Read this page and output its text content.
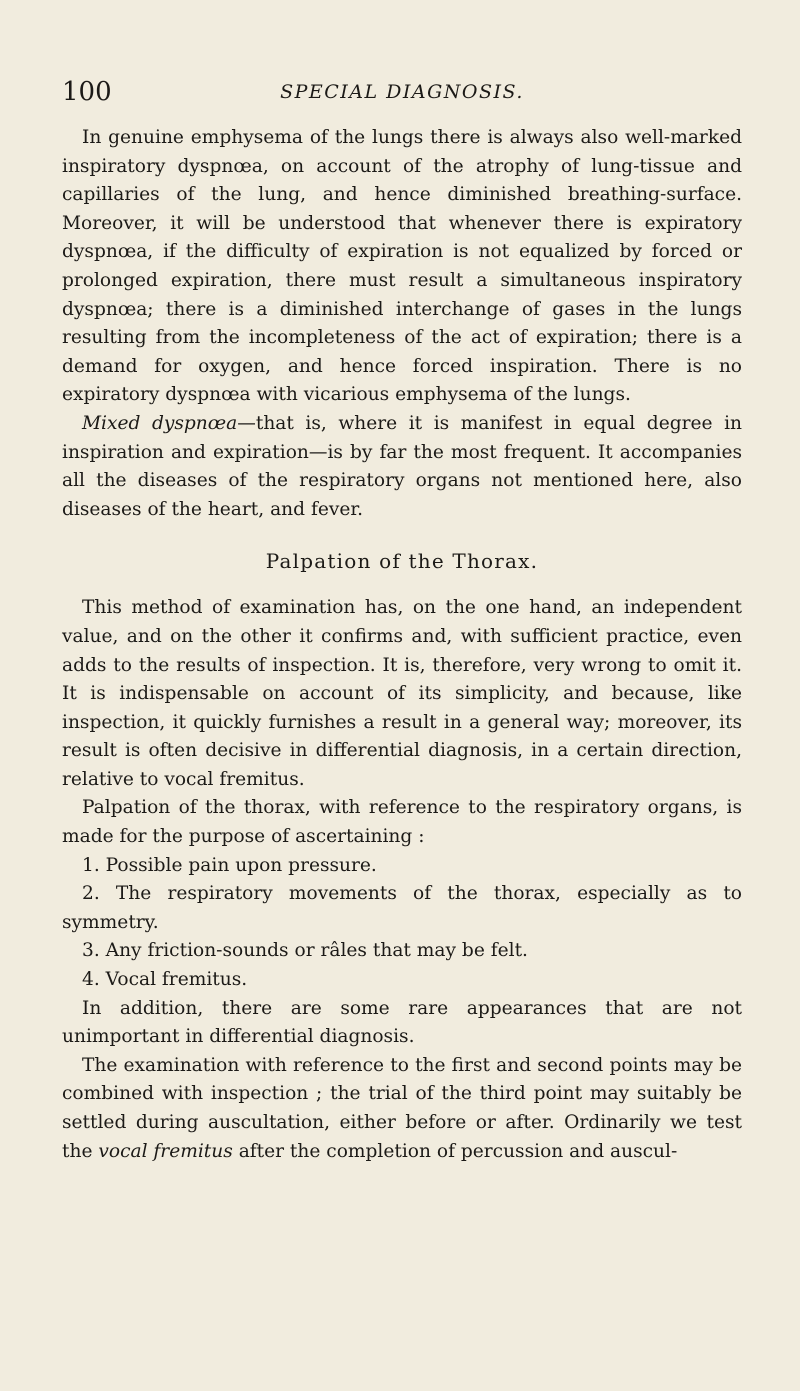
100	SPECIAL DIAGNOSIS.

In genuine emphysema of the lungs there is always also well-marked inspiratory dyspnœa, on account of the atrophy of lung-tissue and capillaries of the lung, and hence diminished breathing-surface. Moreover, it will be understood that whenever there is expiratory dyspnœa, if the difficulty of expiration is not equalized by forced or prolonged expiration, there must result a simultaneous inspiratory dyspnœa; there is a diminished interchange of gases in the lungs resulting from the incompleteness of the act of expiration; there is a demand for oxygen, and hence forced inspiration. There is no expiratory dyspnœa with vicarious emphysema of the lungs.

Mixed dyspnœa—that is, where it is manifest in equal degree in inspiration and expiration—is by far the most frequent. It accompanies all the diseases of the respiratory organs not mentioned here, also diseases of the heart, and fever.

Palpation of the Thorax.

This method of examination has, on the one hand, an independent value, and on the other it confirms and, with sufficient practice, even adds to the results of inspection. It is, therefore, very wrong to omit it. It is indispensable on account of its simplicity, and because, like inspection, it quickly furnishes a result in a general way; moreover, its result is often decisive in differential diagnosis, in a certain direction, relative to vocal fremitus.

Palpation of the thorax, with reference to the respiratory organs, is made for the purpose of ascertaining :

1. Possible pain upon pressure.

2. The respiratory movements of the thorax, especially as to symmetry.

3. Any friction-sounds or râles that may be felt.

4. Vocal fremitus.

In addition, there are some rare appearances that are not unimportant in differential diagnosis.

The examination with reference to the first and second points may be combined with inspection ; the trial of the third point may suitably be settled during auscultation, either before or after. Ordinarily we test the vocal fremitus after the completion of percussion and auscul-
